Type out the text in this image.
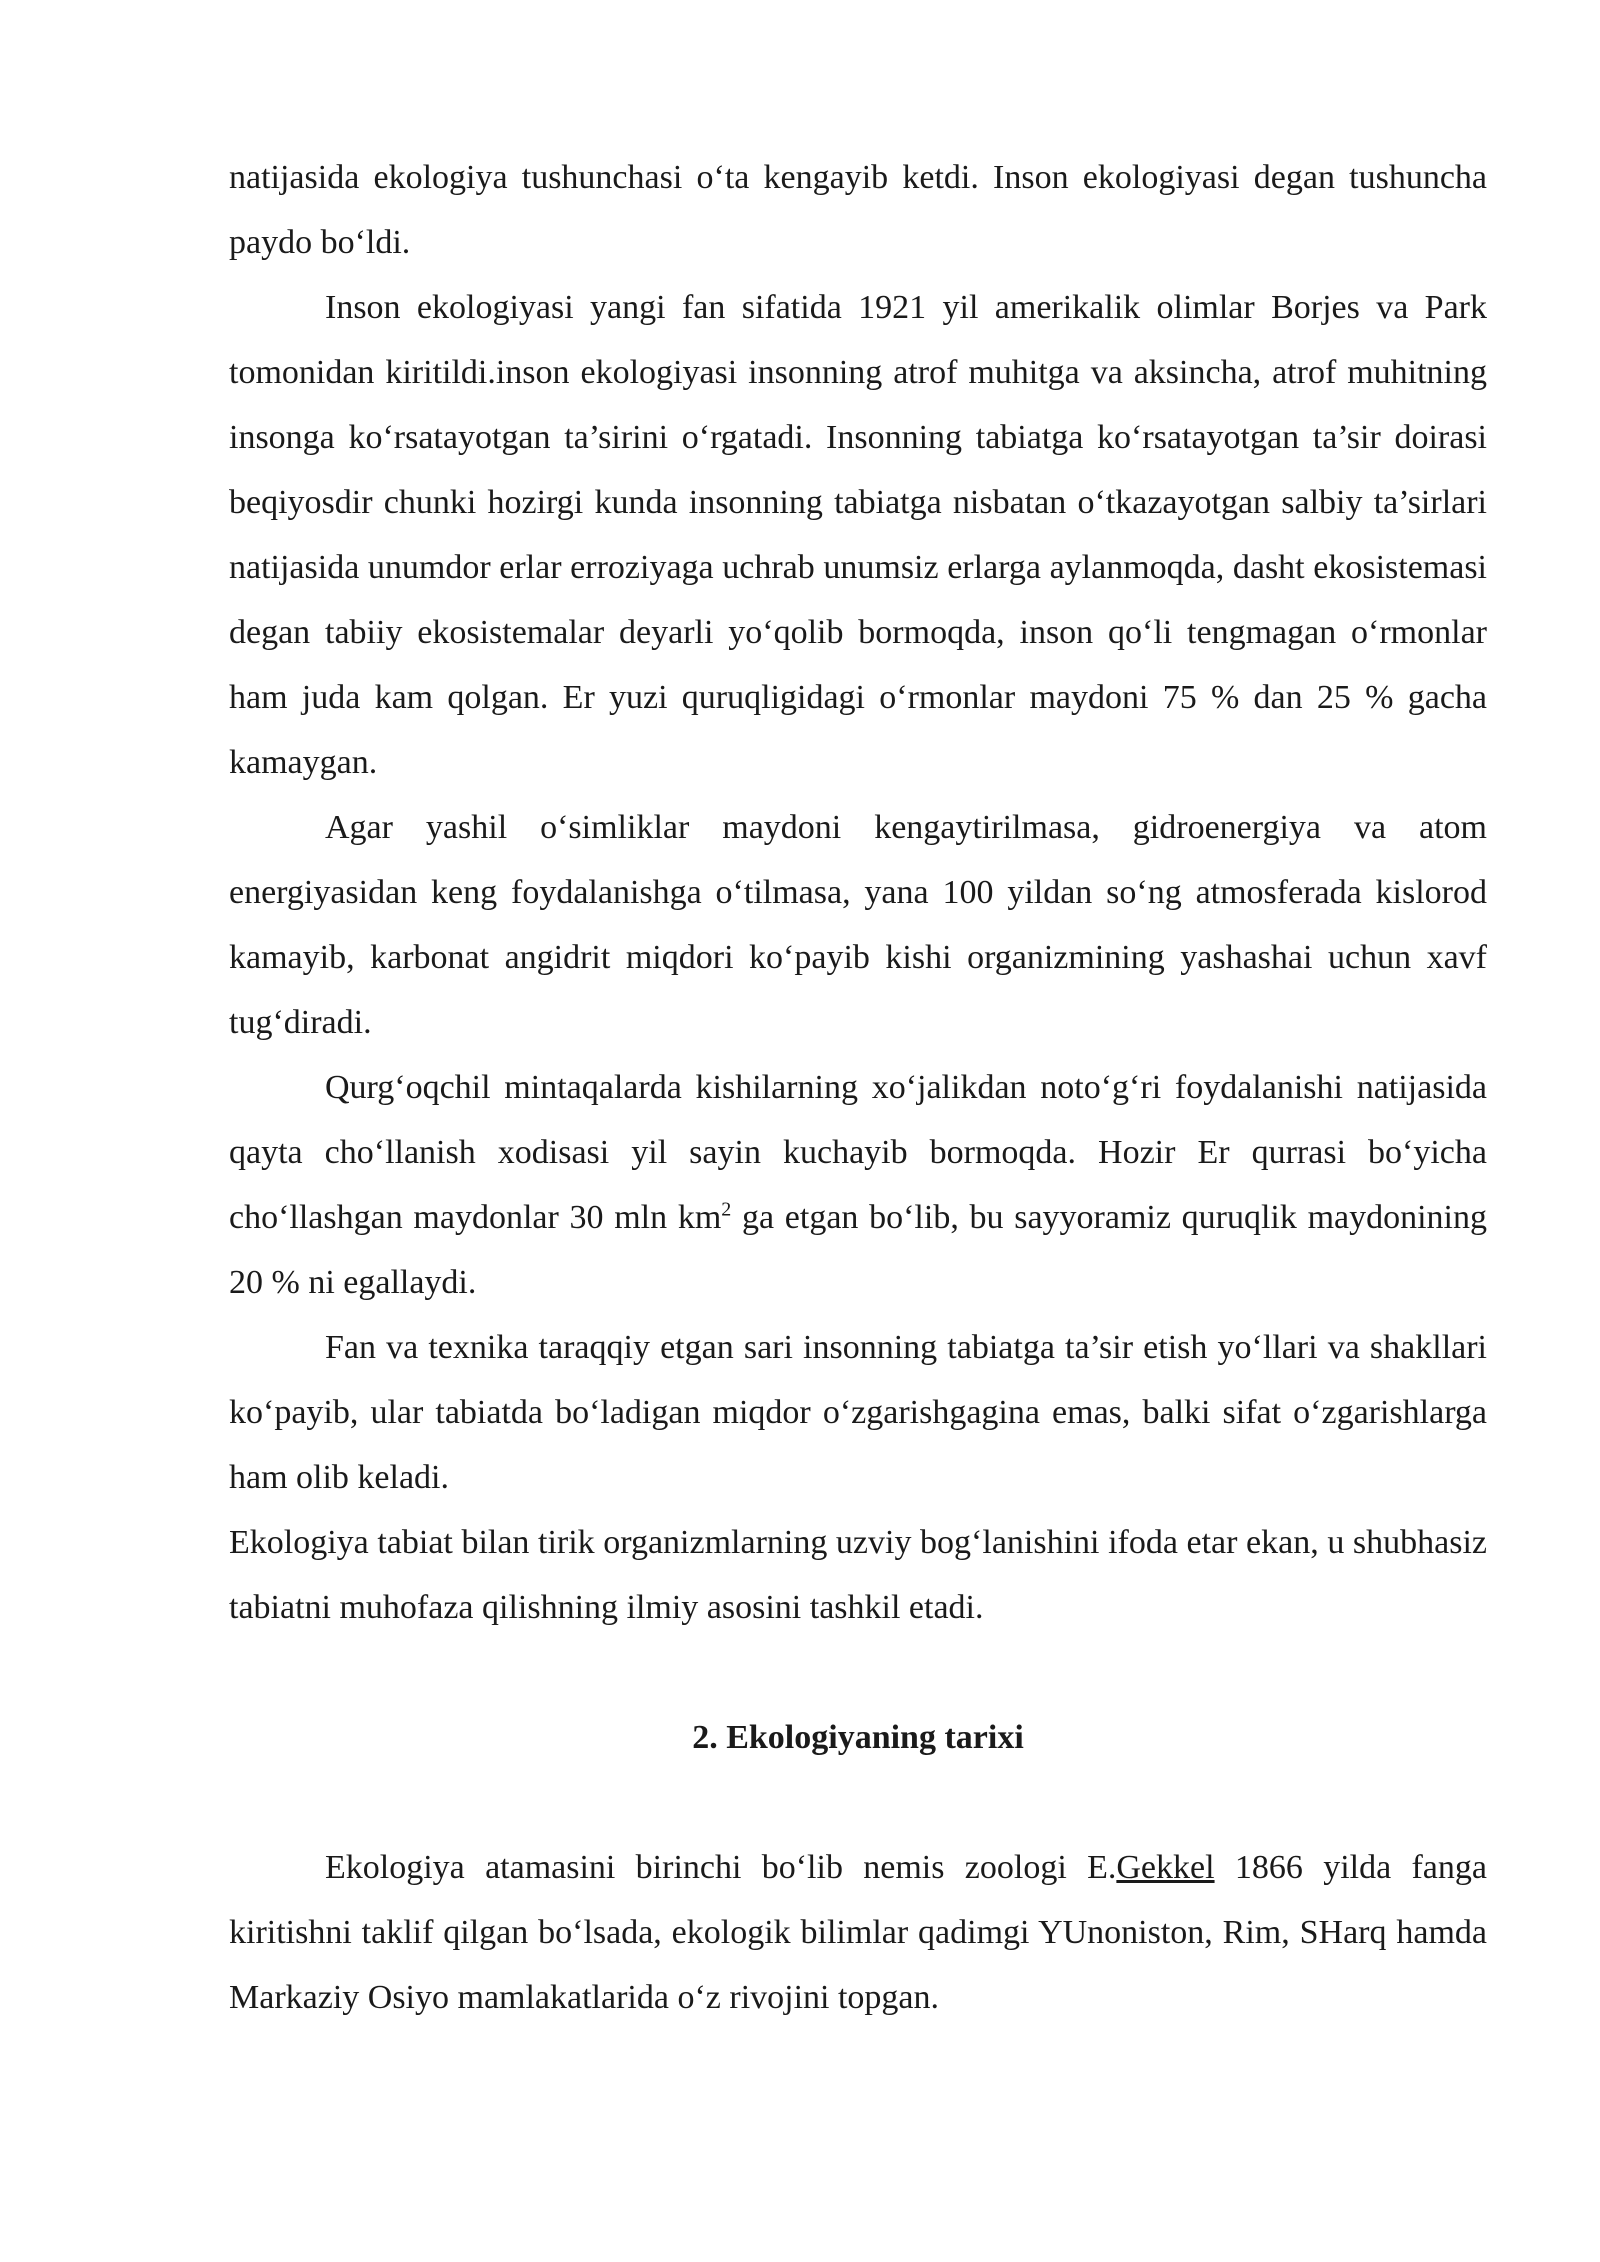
natijasida ekologiya tushunchasi o‘ta kengayib ketdi. Inson ekologiyasi degan tushuncha paydo bo‘ldi.

Inson ekologiyasi yangi fan sifatida 1921 yil amerikalik olimlar Borjes va Park tomonidan kiritildi.inson ekologiyasi insonning atrof muhitga va aksincha, atrof muhitning insonga ko‘rsatayotgan ta’sirini o‘rgatadi. Insonning tabiatga ko‘rsatayotgan ta’sir doirasi beqiyosdir chunki hozirgi kunda insonning tabiatga nisbatan o‘tkazayotgan salbiy ta’sirlari natijasida unumdor erlar erroziyaga uchrab unumsiz erlarga aylanmoqda, dasht ekosistemasi degan tabiiy ekosistemalar deyarli yo‘qolib bormoqda, inson qo‘li tengmagan o‘rmonlar ham juda kam qolgan. Er yuzi quruqligidagi o‘rmonlar maydoni 75 % dan 25 % gacha kamaygan.

Agar yashil o‘simliklar maydoni kengaytirilmasa, gidroenergiya va atom energiyasidan keng foydalanishga o‘tilmasa, yana 100 yildan so‘ng atmosferada kislorod kamayib, karbonat angidrit miqdori ko‘payib kishi organizmining yashashai uchun xavf tug‘diradi.

Qurg‘oqchil mintaqalarda kishilarning xo‘jalikdan noto‘g‘ri foydalanishi natijasida qayta cho‘llanish xodisasi yil sayin kuchayib bormoqda. Hozir Er qurrasi bo‘yicha cho‘llashgan maydonlar 30 mln $km^2$ ga etgan bo‘lib, bu sayyoramiz quruqlik maydonining 20 % ni egallaydi.

Fan va texnika taraqqiy etgan sari insonning tabiatga ta’sir etish yo‘llari va shakllari ko‘payib, ular tabiatda bo‘ladigan miqdor o‘zgarishgagina emas, balki sifat o‘zgarishlarga ham olib keladi.

Ekologiya tabiat bilan tirik organizmlarning uzviy bog‘lanishini ifoda etar ekan, u shubhasiz tabiatni muhofaza qilishning ilmiy asosini tashkil etadi.

2. Ekologiyaning tarixi

Ekologiya atamasini birinchi bo‘lib nemis zoologi E.Gekkel 1866 yilda fanga kiritishni taklif qilgan bo‘lsada, ekologik bilimlar qadimgi YUnoniston, Rim, SHarq hamda Markaziy Osiyo mamlakatlarida o‘z rivojini topgan.
